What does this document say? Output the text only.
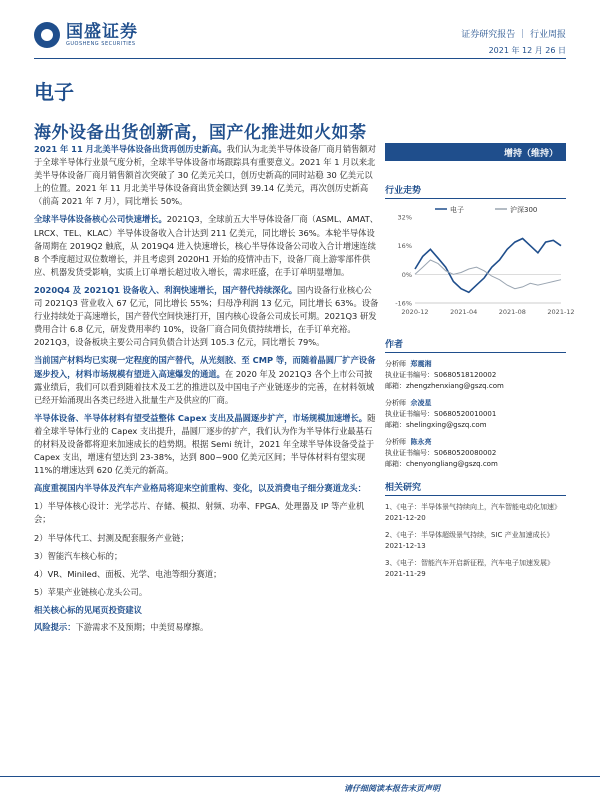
国盛证券
GUOSHENG SECURITIES
证券研究报告 ｜ 行业周报
2021 年 12 月 26 日
电子
海外设备出货创新高，国产化推进如火如荼
2021 年 11 月北美半导体设备出货再创历史新高。我们认为北美半导体设备厂商月销售额对于全球半导体行业景气度分析，全球半导体设备市场跟踪具有重要意义。2021 年 1 月以来北美半导体设备厂商月销售额首次突破了 30 亿美元关口，创历史新高的同时站稳 30 亿美元以上的位置。2021 年 11 月北美半导体设备商出货金额达到 39.14 亿美元，再次创历史新高（前高 2021 年 7 月），同比增长 50%。
全球半导体设备核心公司快速增长。2021Q3，全球前五大半导体设备厂商（ASML、AMAT、LRCX、TEL、KLAC）半导体设备收入合计达到 211 亿美元，同比增长 36%。本轮半导体设备周期在 2019Q2 触底，从 2019Q4 进入快速增长，核心半导体设备公司收入合计增速连续 8 个季度超过双位数增长，并且考虑到 2020H1 开始的疫情冲击下，设备厂商上游零部件供应、机器发货受影响，实质上订单增长超过收入增长，需求旺盛，在手订单明显增加。
2020Q4 及 2021Q1 设备收入、利润快速增长，国产替代持续深化。国内设备行业核心公司 2021Q3 营业收入 67 亿元，同比增长 55%；归母净利润 13 亿元，同比增长 63%。设备行业持续处于高速增长，国产替代空间快速打开，国内核心设备公司成长可期。2021Q3 研发费用合计 6.8 亿元，研发费用率约 10%，设备厂商合同负债持续增长，在手订单充裕。2021Q3，设备板块主要公司合同负债合计达到 105.3 亿元，同比增长 79%。
当前国产材料均已实现一定程度的国产替代，从光刻胶、至 CMP 等，而随着晶圆厂扩产设备逐步投入，材料市场规模有望进入高速爆发的通道。在 2020 年及 2021Q3 各个上市公司披露业绩后，我们可以看到随着技术及工艺的推进以及中国电子产业链逐步的完善，在材料领域已经开始涌现出各类已经进入批量生产及供应的厂商。
半导体设备、半导体材料有望受益整体 Capex 支出及晶圆逐步扩产，市场规模加速增长。随着全球半导体行业的 Capex 支出提升，晶圆厂逐步的扩产，我们认为作为半导体行业最基石的材料及设备都将迎来加速成长的趋势期。根据 Semi 统计，2021 年全球半导体设备受益于 Capex 支出，增速有望达到 23-38%，达到 800~900 亿美元区间；半导体材料有望实现 11%的增速达到 620 亿美元的新高。
高度重视国内半导体及汽车产业格局将迎来空前重构、变化，以及消费电子细分赛道龙头：
1）半导体核心设计：光学芯片、存储、模拟、射频、功率、FPGA、处理器及 IP 等产业机会；
2）半导体代工、封测及配套服务产业链；
3）智能汽车核心标的；
4）VR、Miniled、面板、光学、电池等细分赛道；
5）苹果产业链核心龙头公司。
相关核心标的见尾页投资建议
风险提示：下游需求不及预期；中美贸易摩擦。
增持（维持）
行业走势
电子	沪深300
32%
16%
0%
-16%
2020-12	2021-04	2021-08	2021-12
作者
分析师 郑震湘
执业证书编号：S0680518120002
邮箱：zhengzhenxiang@gszq.com
分析师 佘凌星
执业证书编号：S0680520010001
邮箱：shelingxing@gszq.com
分析师 陈永亮
执业证书编号：S0680520080002
邮箱：chenyongliang@gszq.com
相关研究
1、《电子：半导体景气持续向上，汽车智能电动化加速》
2021-12-20
2、《电子：半导体超级景气持续，SIC 产业加速成长》
2021-12-13
3、《电子：智能汽车开启新征程，汽车电子加速发展》
2021-11-29
请仔细阅读本报告末页声明
